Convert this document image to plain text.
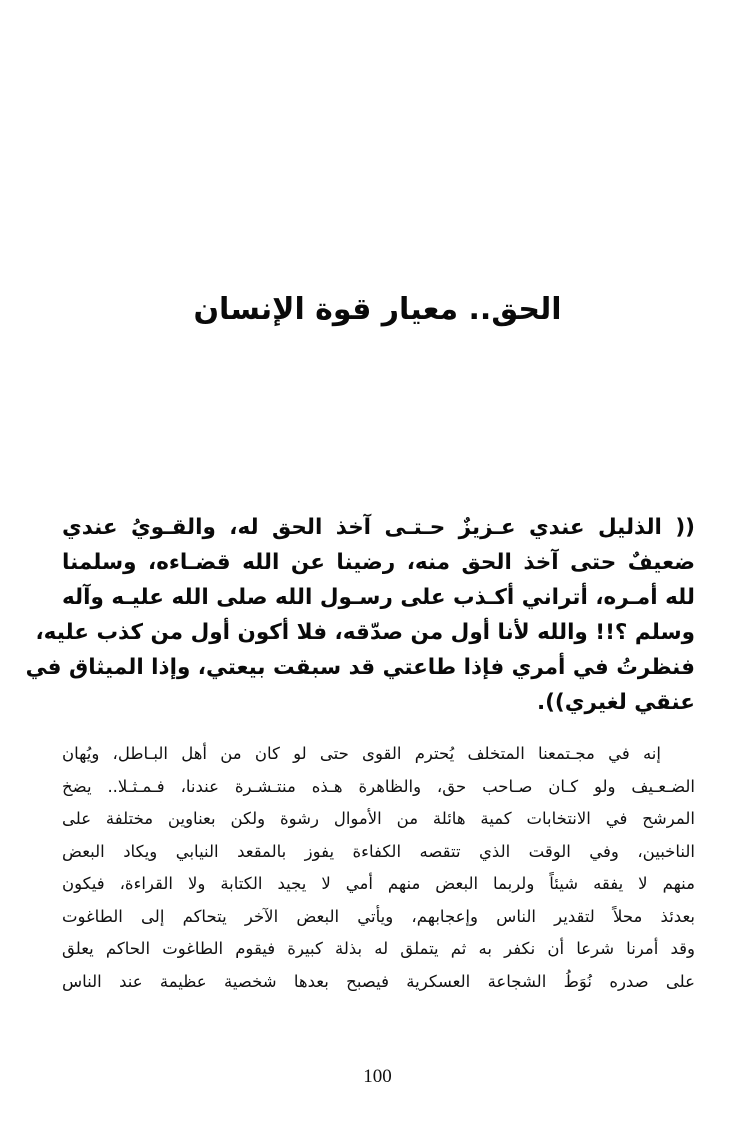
الحق.. معيار قوة الإنسان
(( الذليل عندي عـزيزٌ حـتـى آخذ الحق له، والقـويُ عندي
ضعيفٌ حتى آخذ الحق منه، رضينا عن الله قضـاءه، وسلمنا
لله أمـره، أتراني أكـذب على رسـول الله صلى الله عليـه وآله
وسلم ؟!! والله لأنا أول من صدّقه، فلا أكون أول من كذب عليه،
فنظرتُ في أمري فإذا طاعتي قد سبقت بيعتي، وإذا الميثاق في
عنقي لغيري)).
إنه في مجـتمعنا المتخلف يُحترم القوى حتى لو كان من أهل البـاطل، ويُهان
الضـعـيف ولو كـان صـاحب حق، والظاهرة هـذه منتـشـرة عندنا، فـمـثـلا.. يضخ
المرشح في الانتخابات كمية هائلة من الأموال رشوة ولكن بعناوين مختلفة على
الناخبين، وفي الوقت الذي تتقصه الكفاءة يفوز بالمقعد النيابي ويكاد البعض
منهم لا يفقه شيئاً ولربما البعض منهم أمي لا يجيد الكتابة ولا القراءة، فيكون
بعدئذ محلاً لتقدير الناس وإعجابهم، ويأتي البعض الآخر يتحاكم إلى الطاغوت
وقد أمرنا شرعا أن نكفر به ثم يتملق له بذلة كبيرة فيقوم الطاغوت الحاكم يعلق
على صدره نُوَطُ الشجاعة العسكرية فيصبح بعدها شخصية عظيمة عند الناس
100
